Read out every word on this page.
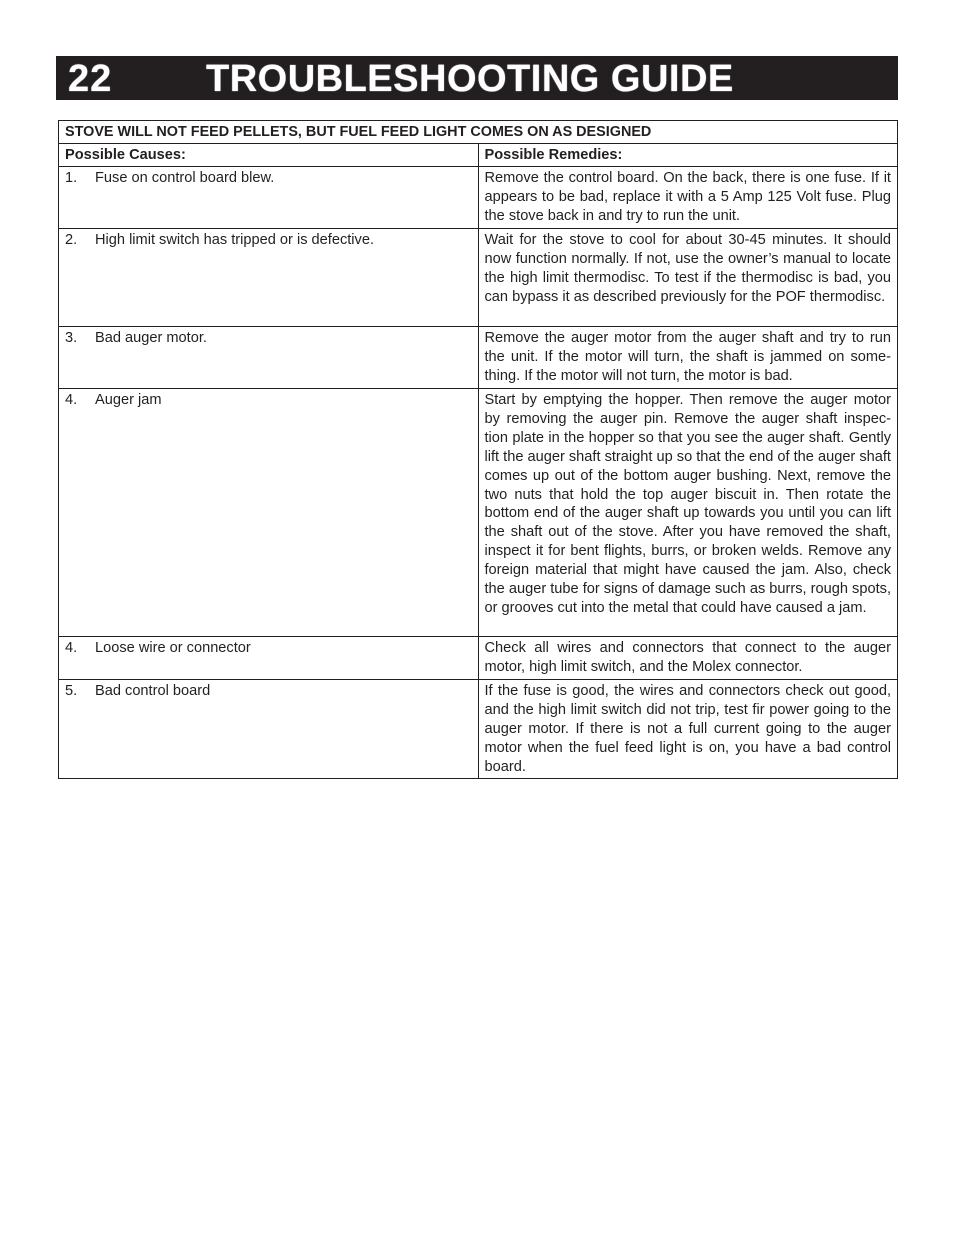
22 TROUBLESHOOTING GUIDE
STOVE WILL NOT FEED PELLETS, BUT FUEL FEED LIGHT COMES ON AS DESIGNED	
Possible Causes:	Possible Remedies:
1. Fuse on control board blew.	Remove the control board. On the back, there is one fuse. If it appears to be bad, replace it with a 5 Amp 125 Volt fuse. Plug the stove back in and try to run the unit.
2. High limit switch has tripped or is defective.	Wait for the stove to cool for about 30-45 minutes. It should now function normally. If not, use the owner’s manual to locate the high limit thermodisc. To test if the thermodisc is bad, you can bypass it as described previously for the POF thermodisc.
3. Bad auger motor.	Remove the auger motor from the auger shaft and try to run the unit. If the motor will turn, the shaft is jammed on some-thing. If the motor will not turn, the motor is bad.
4. Auger jam	Start by emptying the hopper. Then remove the auger motor by removing the auger pin. Remove the auger shaft inspec-tion plate in the hopper so that you see the auger shaft. Gently lift the auger shaft straight up so that the end of the auger shaft comes up out of the bottom auger bushing. Next, remove the two nuts that hold the top auger biscuit in. Then rotate the bottom end of the auger shaft up towards you until you can lift the shaft out of the stove. After you have removed the shaft, inspect it for bent flights, burrs, or broken welds. Remove any foreign material that might have caused the jam. Also, check the auger tube for signs of damage such as burrs, rough spots, or grooves cut into the metal that could have caused a jam.
4. Loose wire or connector	Check all wires and connectors that connect to the auger motor, high limit switch, and the Molex connector.
5. Bad control board	If the fuse is good, the wires and connectors check out good, and the high limit switch did not trip, test fir power going to the auger motor. If there is not a full current going to the auger motor when the fuel feed light is on, you have a bad control board.
